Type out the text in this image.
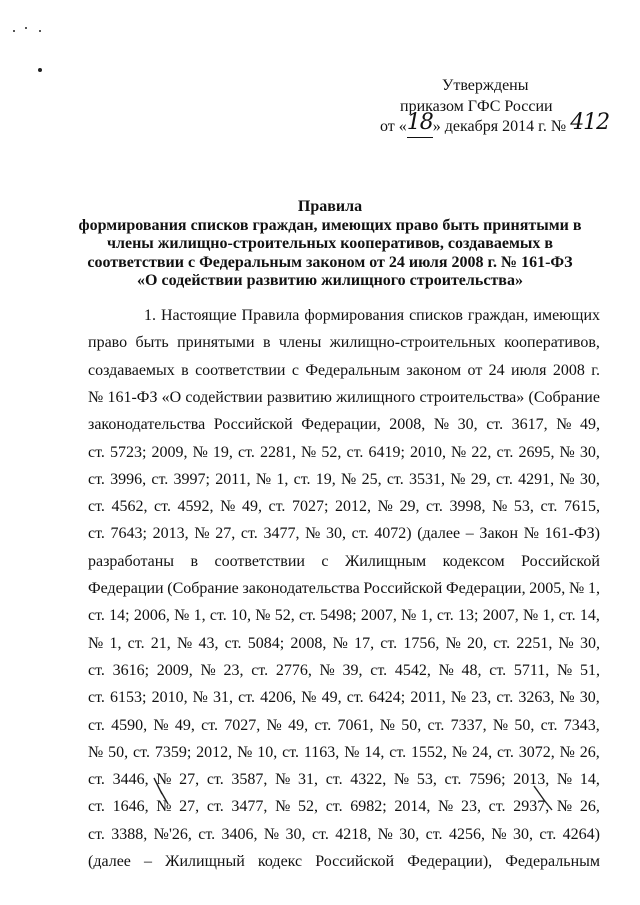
Утверждены
приказом ГФС России
от «18» декабря 2014 г. № 412
Правила
формирования списков граждан, имеющих право быть принятыми в
члены жилищно-строительных кооперативов, создаваемых в
соответствии с Федеральным законом от 24 июля 2008 г. № 161-ФЗ
«О содействии развитию жилищного строительства»
1. Настоящие Правила формирования списков граждан, имеющих
право быть принятыми в члены жилищно-строительных кооперативов,
создаваемых в соответствии с Федеральным законом от 24 июля 2008 г.
№ 161-ФЗ «О содействии развитию жилищного строительства» (Собрание
законодательства Российской Федерации, 2008, № 30, ст. 3617, № 49,
ст. 5723; 2009, № 19, ст. 2281, № 52, ст. 6419; 2010, № 22, ст. 2695, № 30,
ст. 3996, ст. 3997; 2011, № 1, ст. 19, № 25, ст. 3531, № 29, ст. 4291, № 30,
ст. 4562, ст. 4592, № 49, ст. 7027; 2012, № 29, ст. 3998, № 53, ст. 7615,
ст. 7643; 2013, № 27, ст. 3477, № 30, ст. 4072) (далее – Закон № 161-ФЗ)
разработаны в соответствии с Жилищным кодексом Российской
Федерации (Собрание законодательства Российской Федерации, 2005, № 1,
ст. 14; 2006, № 1, ст. 10, № 52, ст. 5498; 2007, № 1, ст. 13; 2007, № 1, ст. 14,
№ 1, ст. 21, № 43, ст. 5084; 2008, № 17, ст. 1756, № 20, ст. 2251, № 30,
ст. 3616; 2009, № 23, ст. 2776, № 39, ст. 4542, № 48, ст. 5711, № 51,
ст. 6153; 2010, № 31, ст. 4206, № 49, ст. 6424; 2011, № 23, ст. 3263, № 30,
ст. 4590, № 49, ст. 7027, № 49, ст. 7061, № 50, ст. 7337, № 50, ст. 7343,
№ 50, ст. 7359; 2012, № 10, ст. 1163, № 14, ст. 1552, № 24, ст. 3072, № 26,
ст. 3446, № 27, ст. 3587, № 31, ст. 4322, № 53, ст. 7596; 2013, № 14,
ст. 1646, № 27, ст. 3477, № 52, ст. 6982; 2014, № 23, ст. 2937, № 26,
ст. 3388, №'26, ст. 3406, № 30, ст. 4218, № 30, ст. 4256, № 30, ст. 4264)
(далее – Жилищный кодекс Российской Федерации), Федеральным
